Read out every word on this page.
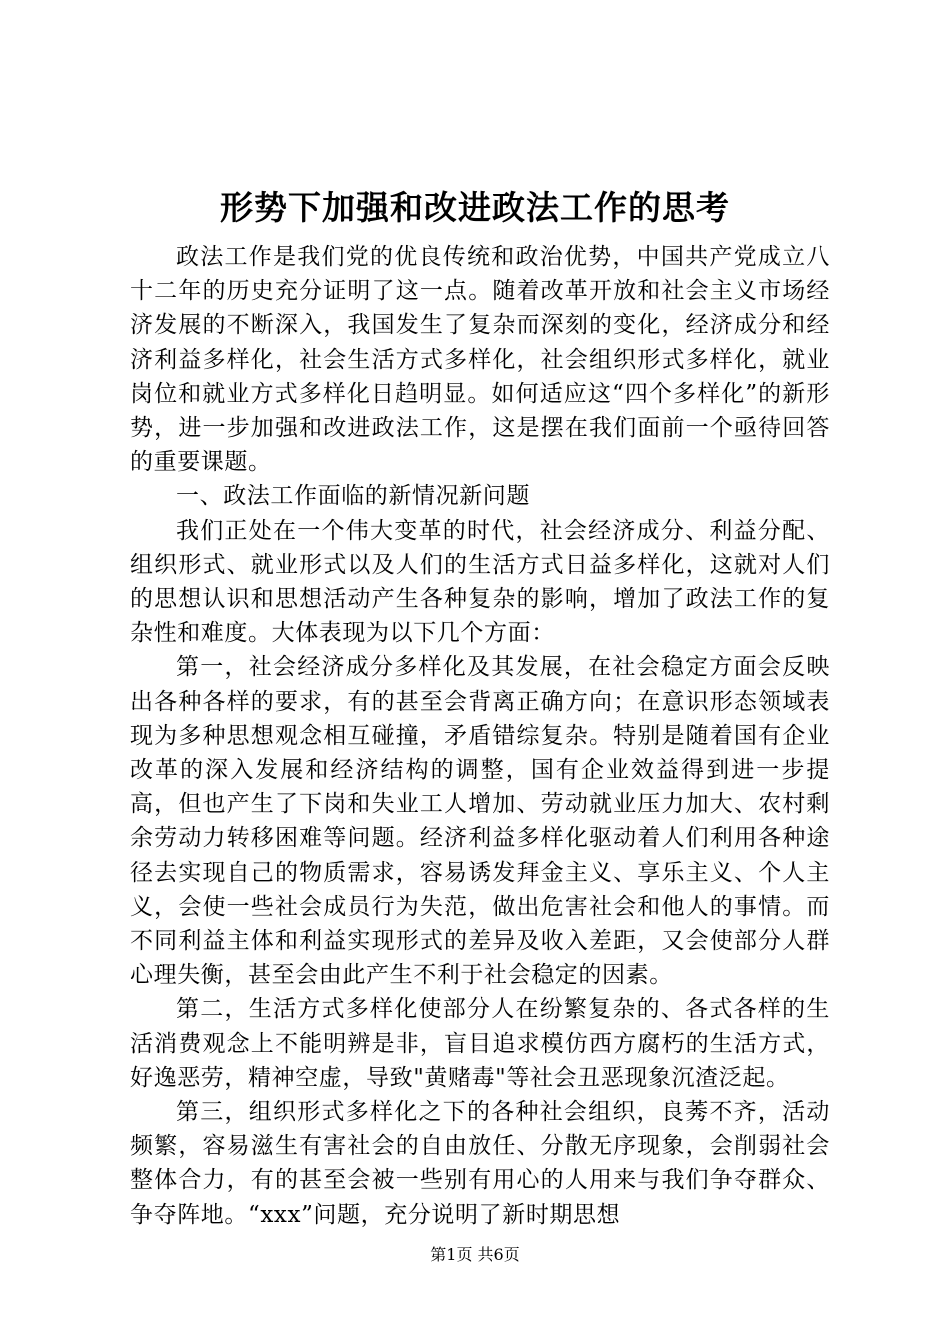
形势下加强和改进政法工作的思考

政法工作是我们党的优良传统和政治优势，中国共产党成立八十二年的历史充分证明了这一点。随着改革开放和社会主义市场经济发展的不断深入，我国发生了复杂而深刻的变化，经济成分和经济利益多样化，社会生活方式多样化，社会组织形式多样化，就业岗位和就业方式多样化日趋明显。如何适应这“四个多样化”的新形势，进一步加强和改进政法工作，这是摆在我们面前一个亟待回答的重要课题。

一、政法工作面临的新情况新问题

我们正处在一个伟大变革的时代，社会经济成分、利益分配、组织形式、就业形式以及人们的生活方式日益多样化，这就对人们的思想认识和思想活动产生各种复杂的影响，增加了政法工作的复杂性和难度。大体表现为以下几个方面：

第一，社会经济成分多样化及其发展，在社会稳定方面会反映出各种各样的要求，有的甚至会背离正确方向；在意识形态领域表现为多种思想观念相互碰撞，矛盾错综复杂。特别是随着国有企业改革的深入发展和经济结构的调整，国有企业效益得到进一步提高，但也产生了下岗和失业工人增加、劳动就业压力加大、农村剩余劳动力转移困难等问题。经济利益多样化驱动着人们利用各种途径去实现自己的物质需求，容易诱发拜金主义、享乐主义、个人主义，会使一些社会成员行为失范，做出危害社会和他人的事情。而不同利益主体和利益实现形式的差异及收入差距，又会使部分人群心理失衡，甚至会由此产生不利于社会稳定的因素。

第二，生活方式多样化使部分人在纷繁复杂的、各式各样的生活消费观念上不能明辨是非，盲目追求模仿西方腐朽的生活方式，好逸恶劳，精神空虚，导致"黄赌毒"等社会丑恶现象沉渣泛起。

第三，组织形式多样化之下的各种社会组织，良莠不齐，活动频繁，容易滋生有害社会的自由放任、分散无序现象，会削弱社会整体合力，有的甚至会被一些别有用心的人用来与我们争夺群众、争夺阵地。“xxx”问题，充分说明了新时期思想

第1页 共6页
